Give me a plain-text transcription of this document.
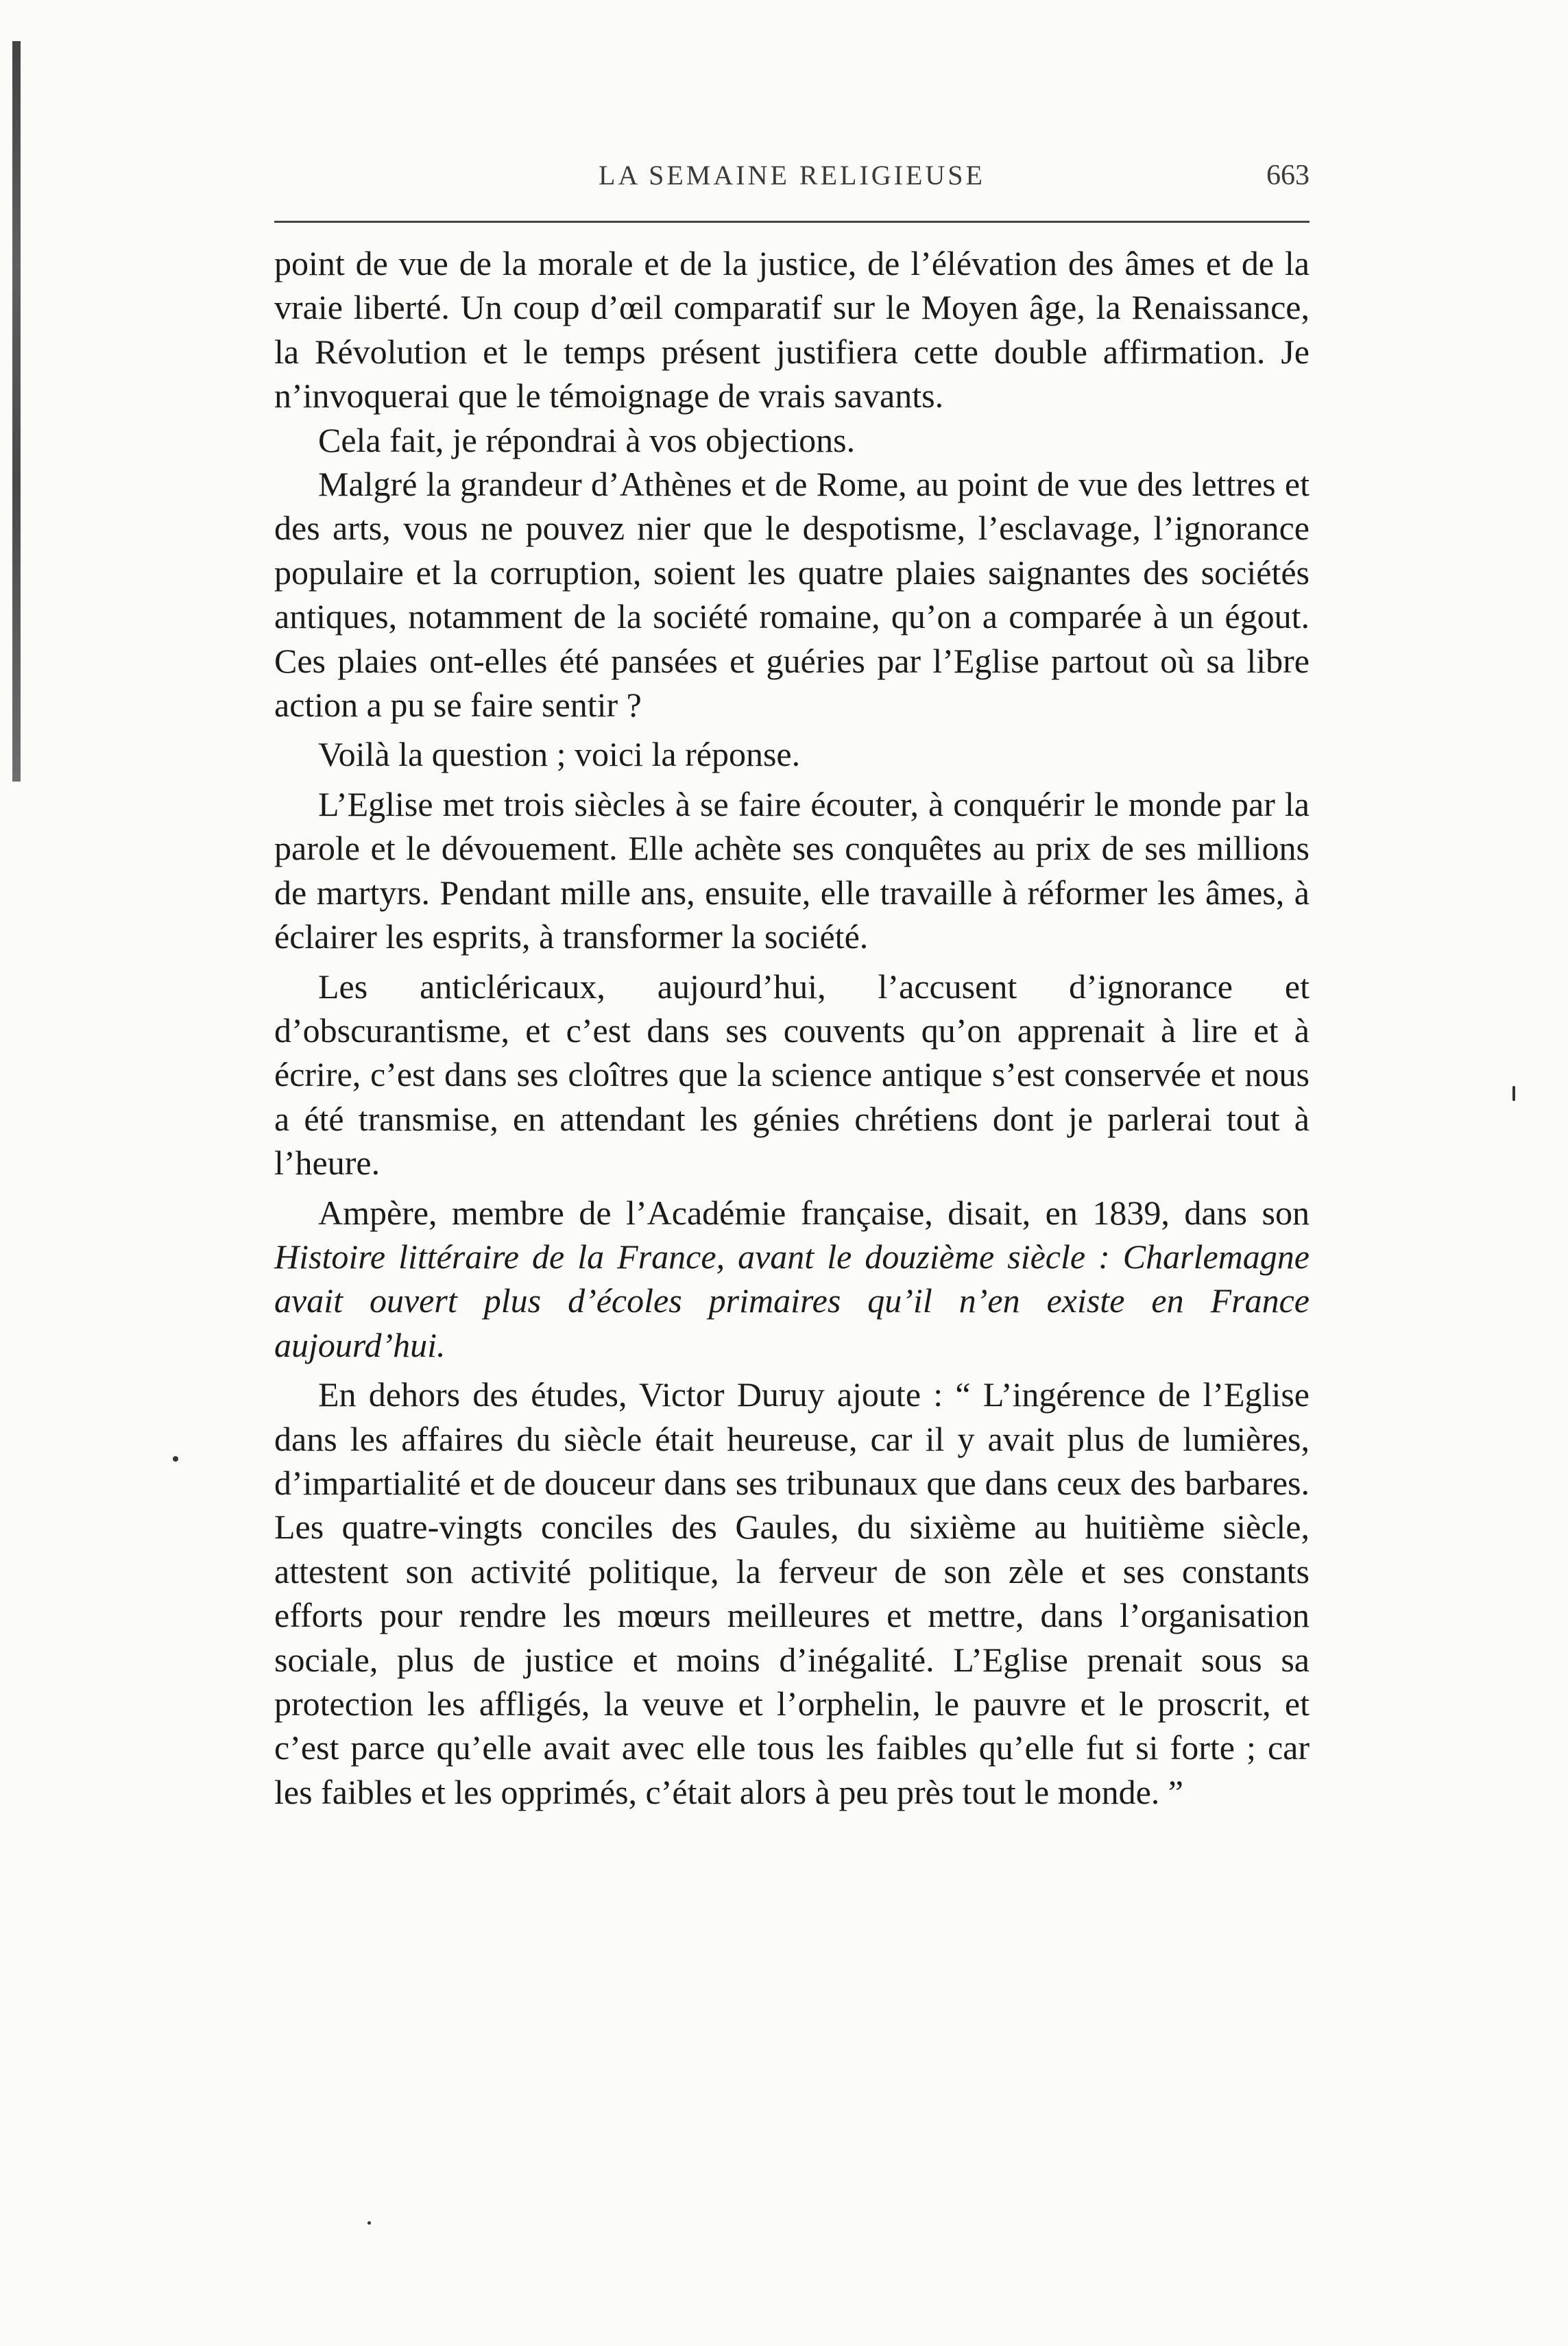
LA SEMAINE RELIGIEUSE	663

point de vue de la morale et de la justice, de l’élévation des âmes et de la vraie liberté. Un coup d’œil comparatif sur le Moyen âge, la Renaissance, la Révolution et le temps présent justifiera cette double affirmation. Je n’invoquerai que le témoignage de vrais savants.

Cela fait, je répondrai à vos objections.

Malgré la grandeur d’Athènes et de Rome, au point de vue des lettres et des arts, vous ne pouvez nier que le despotisme, l’esclavage, l’ignorance populaire et la corruption, soient les quatre plaies saignantes des sociétés antiques, notamment de la société romaine, qu’on a comparée à un égout. Ces plaies ont-elles été pansées et guéries par l’Eglise partout où sa libre action a pu se faire sentir ?

Voilà la question ; voici la réponse.

L’Eglise met trois siècles à se faire écouter, à conquérir le monde par la parole et le dévouement. Elle achète ses conquêtes au prix de ses millions de martyrs. Pendant mille ans, ensuite, elle travaille à réformer les âmes, à éclairer les esprits, à transformer la société.

Les anticléricaux, aujourd’hui, l’accusent d’ignorance et d’obscurantisme, et c’est dans ses couvents qu’on apprenait à lire et à écrire, c’est dans ses cloîtres que la science antique s’est conservée et nous a été transmise, en attendant les génies chrétiens dont je parlerai tout à l’heure.

Ampère, membre de l’Académie française, disait, en 1839, dans son Histoire littéraire de la France, avant le douzième siècle : Charlemagne avait ouvert plus d’écoles primaires qu’il n’en existe en France aujourd’hui.

En dehors des études, Victor Duruy ajoute : “ L’ingérence de l’Eglise dans les affaires du siècle était heureuse, car il y avait plus de lumières, d’impartialité et de douceur dans ses tribunaux que dans ceux des barbares. Les quatre-vingts conciles des Gaules, du sixième au huitième siècle, attestent son activité politique, la ferveur de son zèle et ses constants efforts pour rendre les mœurs meilleures et mettre, dans l’organisation sociale, plus de justice et moins d’inégalité. L’Eglise prenait sous sa protection les affligés, la veuve et l’orphelin, le pauvre et le proscrit, et c’est parce qu’elle avait avec elle tous les faibles qu’elle fut si forte ; car les faibles et les opprimés, c’était alors à peu près tout le monde. ”
